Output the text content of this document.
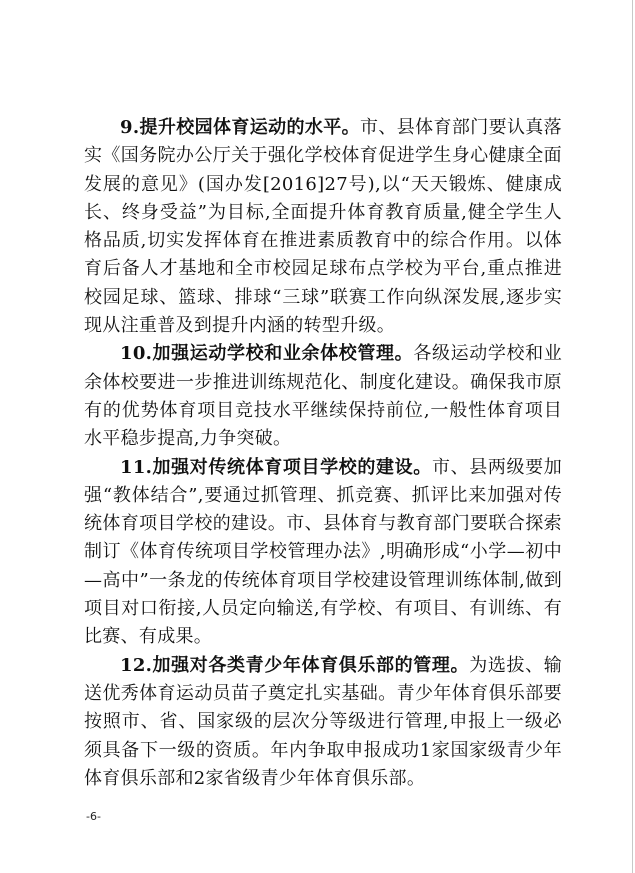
9.提升校园体育运动的水平。市、县体育部门要认真落实《国务院办公厅关于强化学校体育促进学生身心健康全面发展的意见》(国办发[2016]27号),以“天天锻炼、健康成长、终身受益”为目标,全面提升体育教育质量,健全学生人格品质,切实发挥体育在推进素质教育中的综合作用。以体育后备人才基地和全市校园足球布点学校为平台,重点推进校园足球、篮球、排球“三球”联赛工作向纵深发展,逐步实现从注重普及到提升内涵的转型升级。

10.加强运动学校和业余体校管理。各级运动学校和业余体校要进一步推进训练规范化、制度化建设。确保我市原有的优势体育项目竞技水平继续保持前位,一般性体育项目水平稳步提高,力争突破。

11.加强对传统体育项目学校的建设。市、县两级要加强“教体结合”,要通过抓管理、抓竞赛、抓评比来加强对传统体育项目学校的建设。市、县体育与教育部门要联合探索制订《体育传统项目学校管理办法》,明确形成“小学—初中—高中”一条龙的传统体育项目学校建设管理训练体制,做到项目对口衔接,人员定向输送,有学校、有项目、有训练、有比赛、有成果。

12.加强对各类青少年体育俱乐部的管理。为选拔、输送优秀体育运动员苗子奠定扎实基础。青少年体育俱乐部要按照市、省、国家级的层次分等级进行管理,申报上一级必须具备下一级的资质。年内争取申报成功1家国家级青少年体育俱乐部和2家省级青少年体育俱乐部。

-6-
